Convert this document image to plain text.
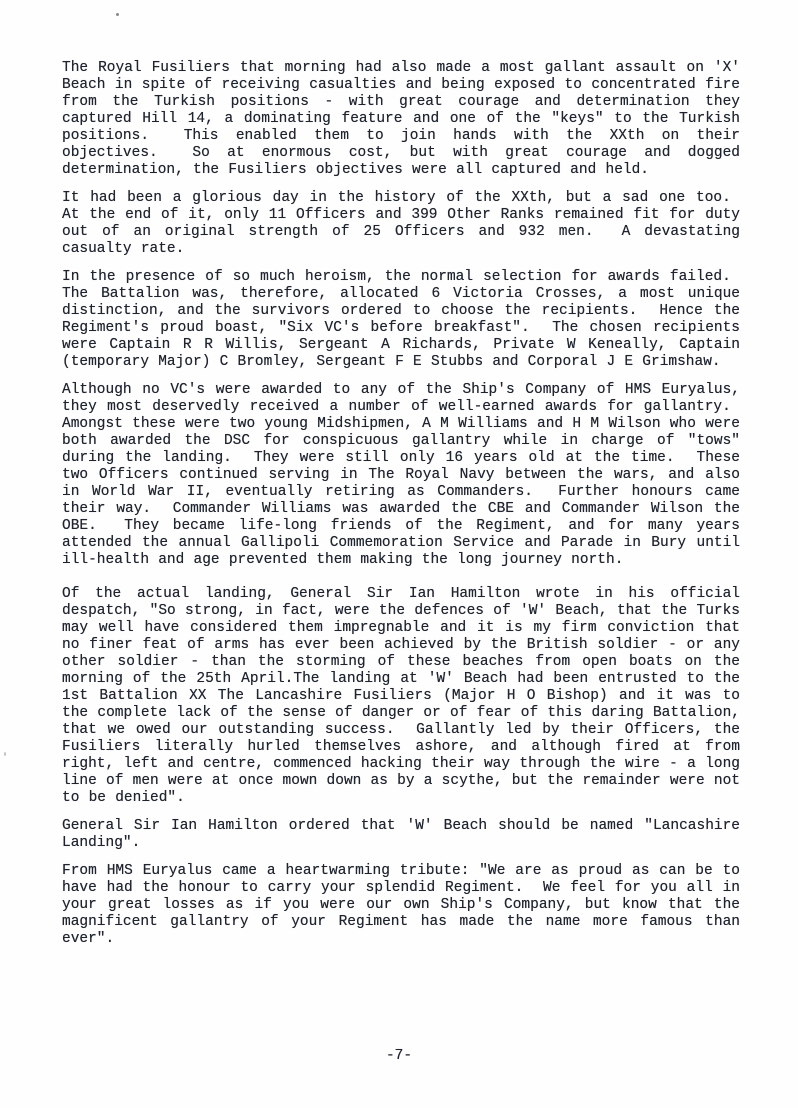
The Royal Fusiliers that morning had also made a most gallant assault on 'X' Beach in spite of receiving casualties and being exposed to concentrated fire from the Turkish positions - with great courage and determination they captured Hill 14, a dominating feature and one of the "keys" to the Turkish positions.  This enabled them to join hands with the XXth on their objectives.  So at enormous cost, but with great courage and dogged determination, the Fusiliers objectives were all captured and held.

It had been a glorious day in the history of the XXth, but a sad one too.  At the end of it, only 11 Officers and 399 Other Ranks remained fit for duty out of an original strength of 25 Officers and 932 men.  A devastating casualty rate.

In the presence of so much heroism, the normal selection for awards failed.  The Battalion was, therefore, allocated 6 Victoria Crosses, a most unique distinction, and the survivors ordered to choose the recipients.  Hence the Regiment's proud boast, "Six VC's before breakfast".  The chosen recipients were Captain R R Willis, Sergeant A Richards, Private W Keneally, Captain (temporary Major) C Bromley, Sergeant F E Stubbs and Corporal J E Grimshaw.

Although no VC's were awarded to any of the Ship's Company of HMS Euryalus, they most deservedly received a number of well-earned awards for gallantry.  Amongst these were two young Midshipmen, A M Williams and H M Wilson who were both awarded the DSC for conspicuous gallantry while in charge of "tows" during the landing.  They were still only 16 years old at the time.  These two Officers continued serving in The Royal Navy between the wars, and also in World War II, eventually retiring as Commanders.  Further honours came their way.  Commander Williams was awarded the CBE and Commander Wilson the OBE.  They became life-long friends of the Regiment, and for many years attended the annual Gallipoli Commemoration Service and Parade in Bury until ill-health and age prevented them making the long journey north.

Of the actual landing, General Sir Ian Hamilton wrote in his official despatch, "So strong, in fact, were the defences of 'W' Beach, that the Turks may well have considered them impregnable and it is my firm conviction that no finer feat of arms has ever been achieved by the British soldier - or any other soldier - than the storming of these beaches from open boats on the morning of the 25th April.The landing at 'W' Beach had been entrusted to the 1st Battalion XX The Lancashire Fusiliers (Major H O Bishop) and it was to the complete lack of the sense of danger or of fear of this daring Battalion, that we owed our outstanding success.  Gallantly led by their Officers, the Fusiliers literally hurled themselves ashore, and although fired at from right, left and centre, commenced hacking their way through the wire - a long line of men were at once mown down as by a scythe, but the remainder were not to be denied".

General Sir Ian Hamilton ordered that 'W' Beach should be named "Lancashire Landing".

From HMS Euryalus came a heartwarming tribute: "We are as proud as can be to have had the honour to carry your splendid Regiment.  We feel for you all in your great losses as if you were our own Ship's Company, but know that the magnificent gallantry of your Regiment has made the name more famous than ever".

-7-
